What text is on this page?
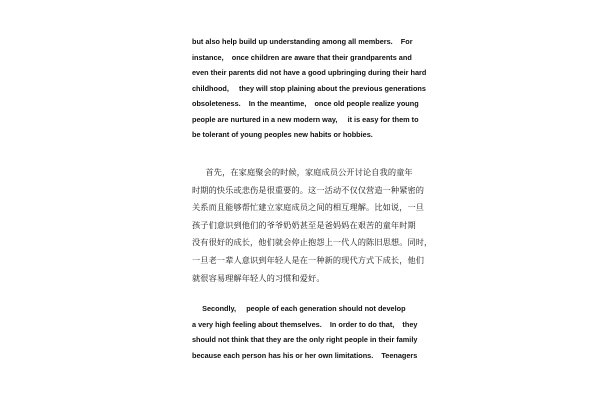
but also help build up understanding among all members.    For
instance,    once children are aware that their grandparents and
even their parents did not have a good upbringing during their hard
childhood,     they will stop plaining about the previous generations
obsoleteness.    In the meantime,    once old people realize young
people are nurtured in a new modern way,     it is easy for them to
be tolerant of young peoples new habits or hobbies.
首先，在家庭聚会的时候，家庭成员公开讨论自我的童年
时期的快乐或悲伤是很重要的。这一活动不仅仅营造一种紧密的
关系而且能够帮忙建立家庭成员之间的相互理解。比如说，一旦
孩子们意识到他们的爷爷奶奶甚至是爸妈妈在艰苦的童年时期
没有很好的成长，他们就会停止抱怨上一代人的陈旧思想。同时，
一旦老一辈人意识到年轻人是在一种新的现代方式下成长，他们
就很容易理解年轻人的习惯和爱好。
Secondly,     people of each generation should not develop
a very high feeling about themselves.    In order to do that,    they
should not think that they are the only right people in their family
because each person has his or her own limitations.    Teenagers
